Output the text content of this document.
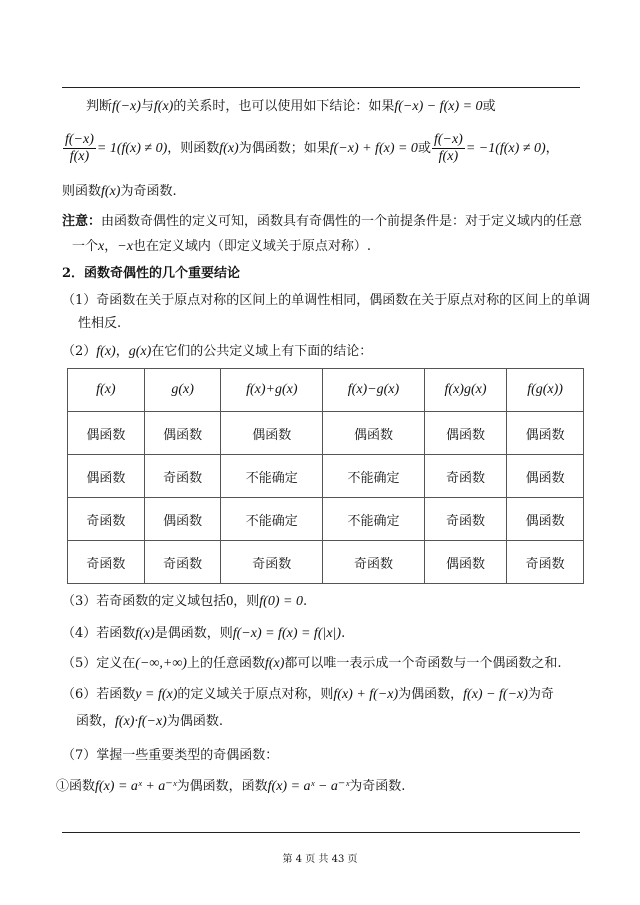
判断f(−x)与f(x)的关系时，也可以使用如下结论：如果f(−x) − f(x) = 0或
$\frac{f(-x)}{f(x)} = 1(f(x) \ne 0)$，则函数f(x)为偶函数；如果f(−x) + f(x) = 0或 $\frac{f(-x)}{f(x)} = -1(f(x) \ne 0)$，
则函数f(x)为奇函数.
注意：由函数奇偶性的定义可知，函数具有奇偶性的一个前提条件是：对于定义域内的任意
一个x，−x也在定义域内（即定义域关于原点对称）.
2．函数奇偶性的几个重要结论
（1）奇函数在关于原点对称的区间上的单调性相同，偶函数在关于原点对称的区间上的单调
性相反.
（2）f(x)，g(x)在它们的公共定义域上有下面的结论：
f(x)	g(x)	f(x)+g(x)	f(x)−g(x)	f(x)g(x)	f(g(x))
偶函数	偶函数	偶函数	偶函数	偶函数	偶函数
偶函数	奇函数	不能确定	不能确定	奇函数	偶函数
奇函数	偶函数	不能确定	不能确定	奇函数	偶函数
奇函数	奇函数	奇函数	奇函数	偶函数	奇函数
（3）若奇函数的定义域包括0，则f(0) = 0.
（4）若函数f(x)是偶函数，则f(−x) = f(x) = f(|x|).
（5）定义在(−∞,+∞)上的任意函数f(x)都可以唯一表示成一个奇函数与一个偶函数之和.
（6）若函数y = f(x)的定义域关于原点对称，则f(x) + f(−x)为偶函数，f(x) − f(−x)为奇
函数，f(x)·f(−x)为偶函数.
（7）掌握一些重要类型的奇偶函数：
①函数f(x) = aˣ + a⁻ˣ为偶函数，函数f(x) = aˣ − a⁻ˣ为奇函数.
第 4 页 共 43 页
